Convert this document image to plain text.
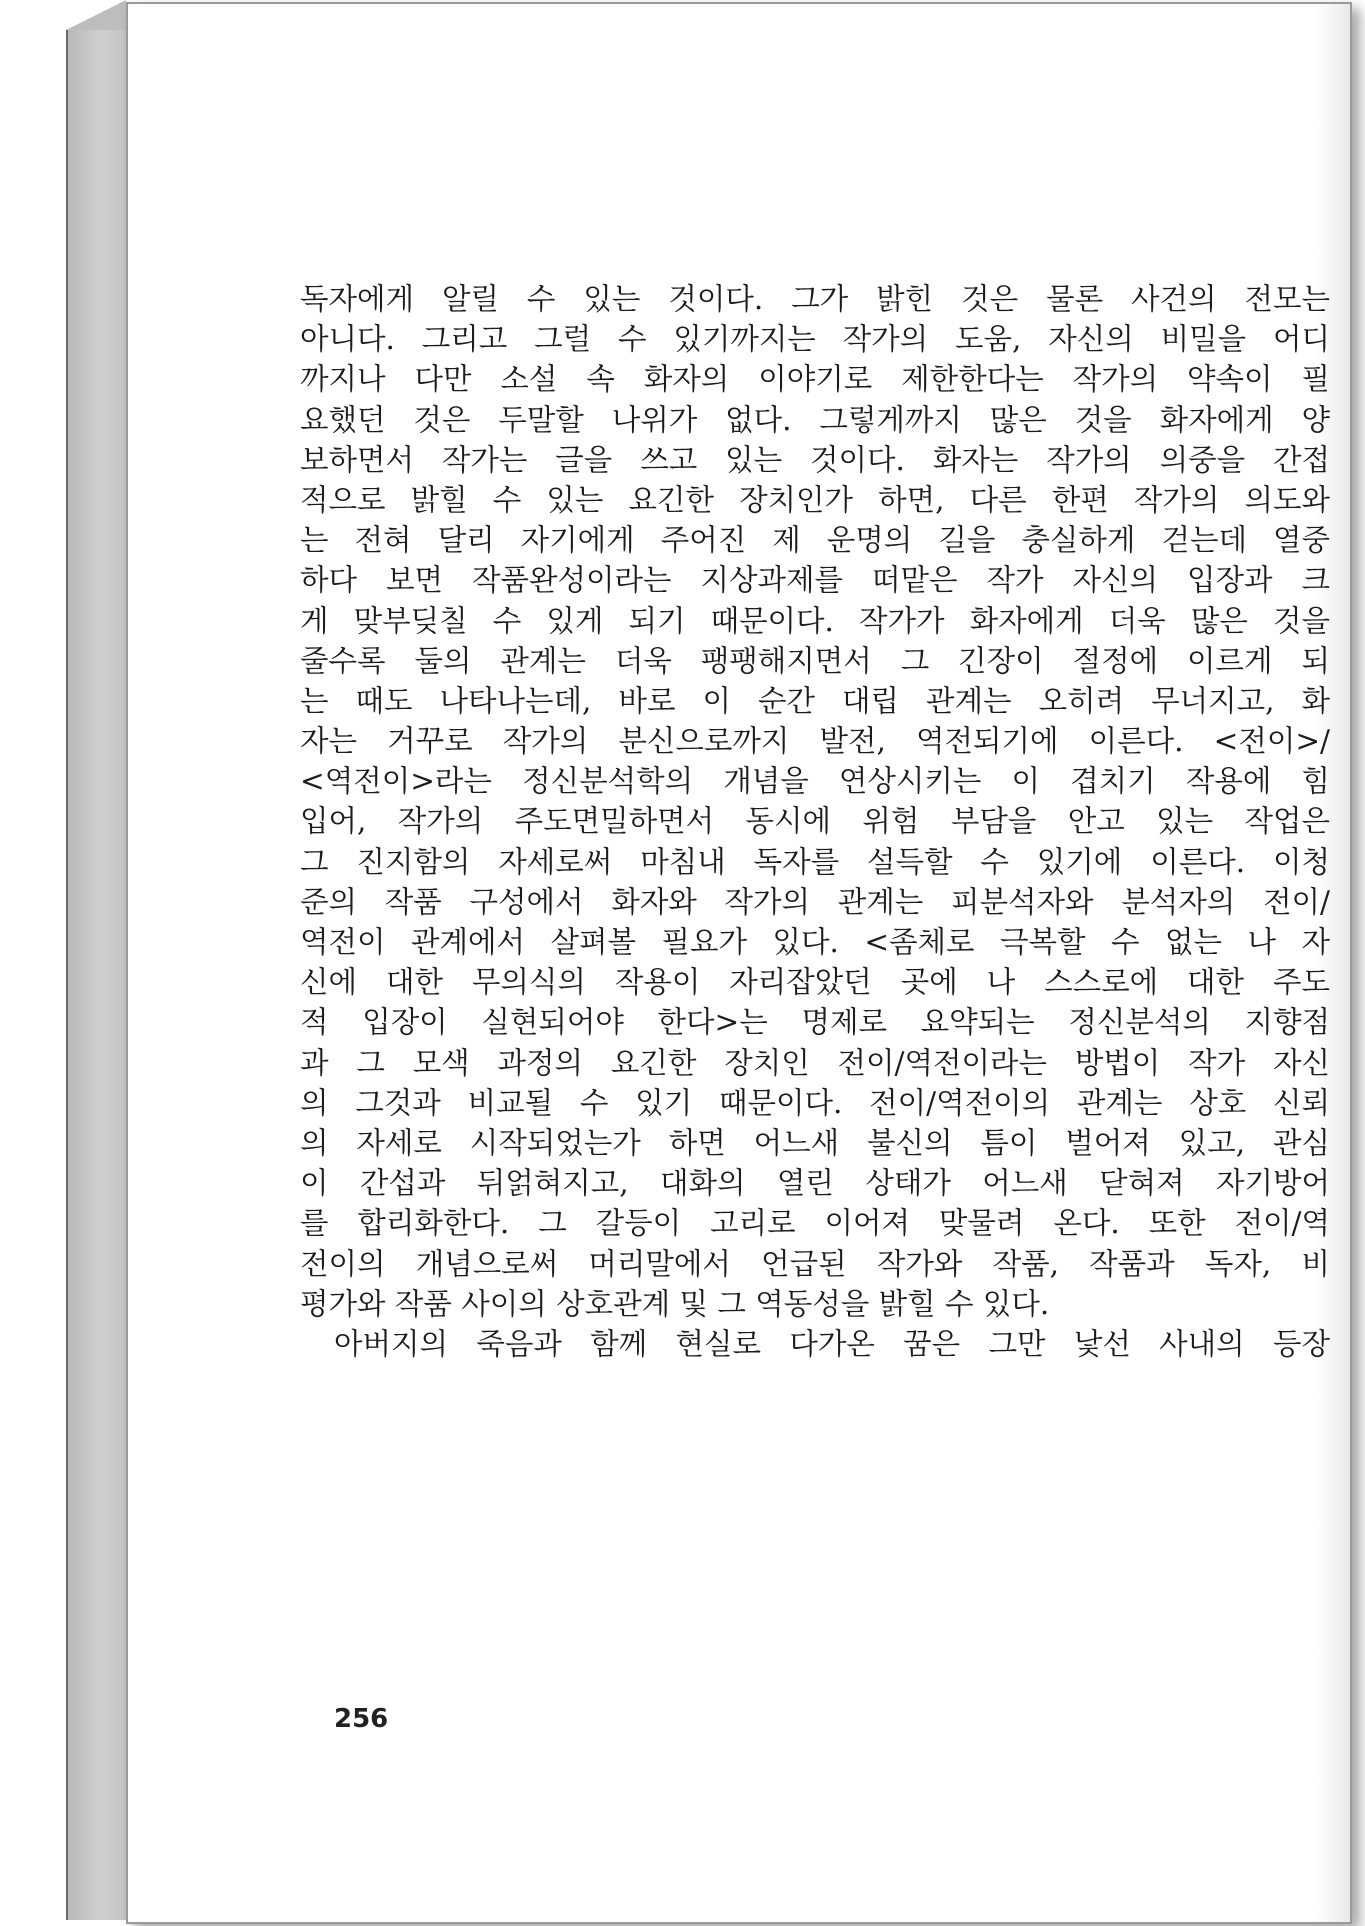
독자에게 알릴 수 있는 것이다. 그가 밝힌 것은 물론 사건의 전모는
아니다. 그리고 그럴 수 있기까지는 작가의 도움, 자신의 비밀을 어디
까지나 다만 소설 속 화자의 이야기로 제한한다는 작가의 약속이 필
요했던 것은 두말할 나위가 없다. 그렇게까지 많은 것을 화자에게 양
보하면서 작가는 글을 쓰고 있는 것이다. 화자는 작가의 의중을 간접
적으로 밝힐 수 있는 요긴한 장치인가 하면, 다른 한편 작가의 의도와
는 전혀 달리 자기에게 주어진 제 운명의 길을 충실하게 걷는데 열중
하다 보면 작품완성이라는 지상과제를 떠맡은 작가 자신의 입장과 크
게 맞부딪칠 수 있게 되기 때문이다. 작가가 화자에게 더욱 많은 것을
줄수록 둘의 관계는 더욱 팽팽해지면서 그 긴장이 절정에 이르게 되
는 때도 나타나는데, 바로 이 순간 대립 관계는 오히려 무너지고, 화
자는 거꾸로 작가의 분신으로까지 발전, 역전되기에 이른다. <전이>/
<역전이>라는 정신분석학의 개념을 연상시키는 이 겹치기 작용에 힘
입어, 작가의 주도면밀하면서 동시에 위험 부담을 안고 있는 작업은
그 진지함의 자세로써 마침내 독자를 설득할 수 있기에 이른다. 이청
준의 작품 구성에서 화자와 작가의 관계는 피분석자와 분석자의 전이/
역전이 관계에서 살펴볼 필요가 있다. <좀체로 극복할 수 없는 나 자
신에 대한 무의식의 작용이 자리잡았던 곳에 나 스스로에 대한 주도
적 입장이 실현되어야 한다>는 명제로 요약되는 정신분석의 지향점
과 그 모색 과정의 요긴한 장치인 전이/역전이라는 방법이 작가 자신
의 그것과 비교될 수 있기 때문이다. 전이/역전이의 관계는 상호 신뢰
의 자세로 시작되었는가 하면 어느새 불신의 틈이 벌어져 있고, 관심
이 간섭과 뒤얽혀지고, 대화의 열린 상태가 어느새 닫혀져 자기방어
를 합리화한다. 그 갈등이 고리로 이어져 맞물려 온다. 또한 전이/역
전이의 개념으로써 머리말에서 언급된 작가와 작품, 작품과 독자, 비
평가와 작품 사이의 상호관계 및 그 역동성을 밝힐 수 있다.
아버지의 죽음과 함께 현실로 다가온 꿈은 그만 낯선 사내의 등장
256
